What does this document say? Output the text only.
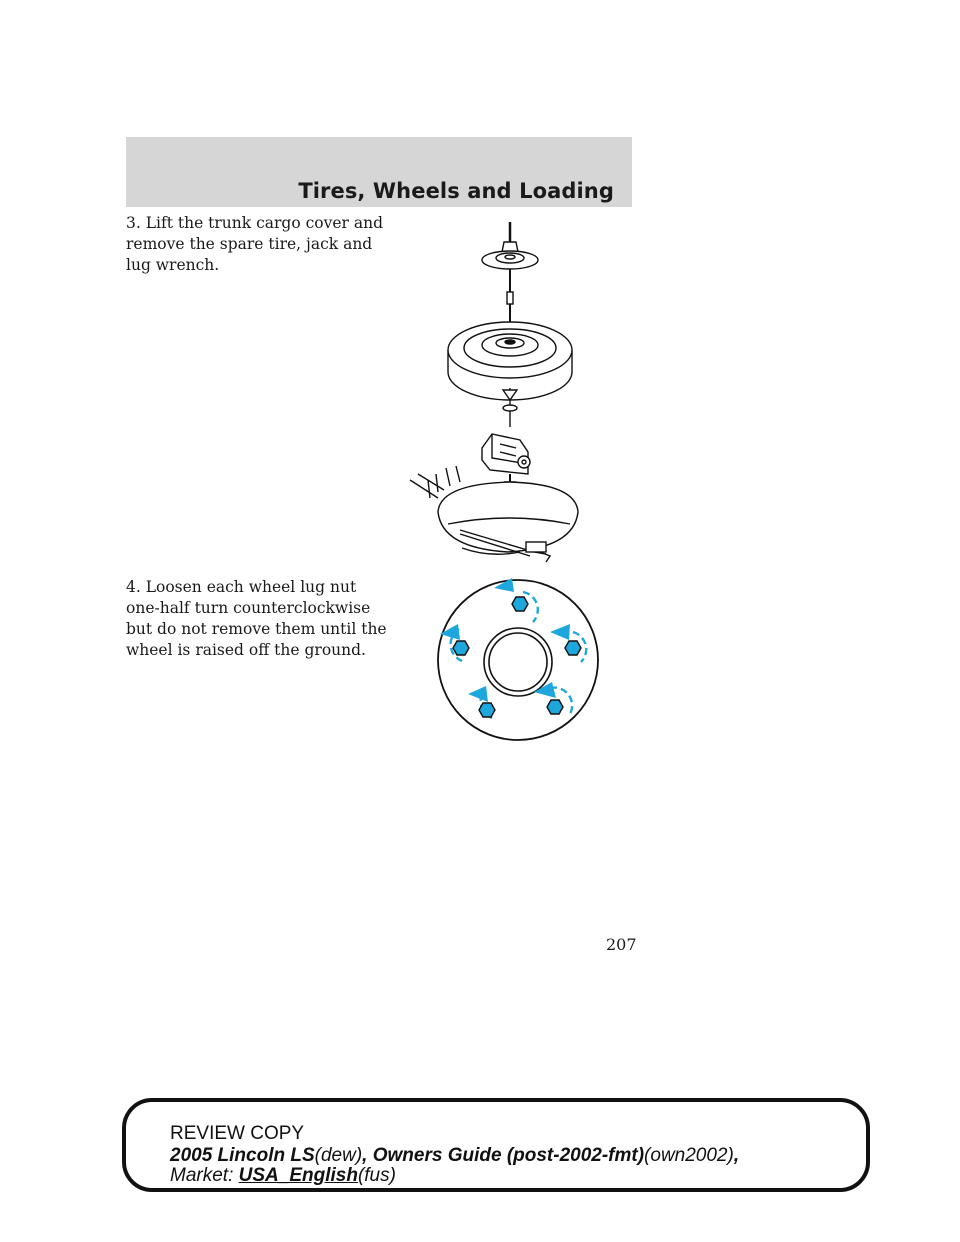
Tires, Wheels and Loading

3. Lift the trunk cargo cover and remove the spare tire, jack and lug wrench.

4. Loosen each wheel lug nut one-half turn counterclockwise but do not remove them until the wheel is raised off the ground.

207
REVIEW COPY
2005 Lincoln LS(dew), Owners Guide (post-2002-fmt)(own2002),
Market: USA_English(fus)
